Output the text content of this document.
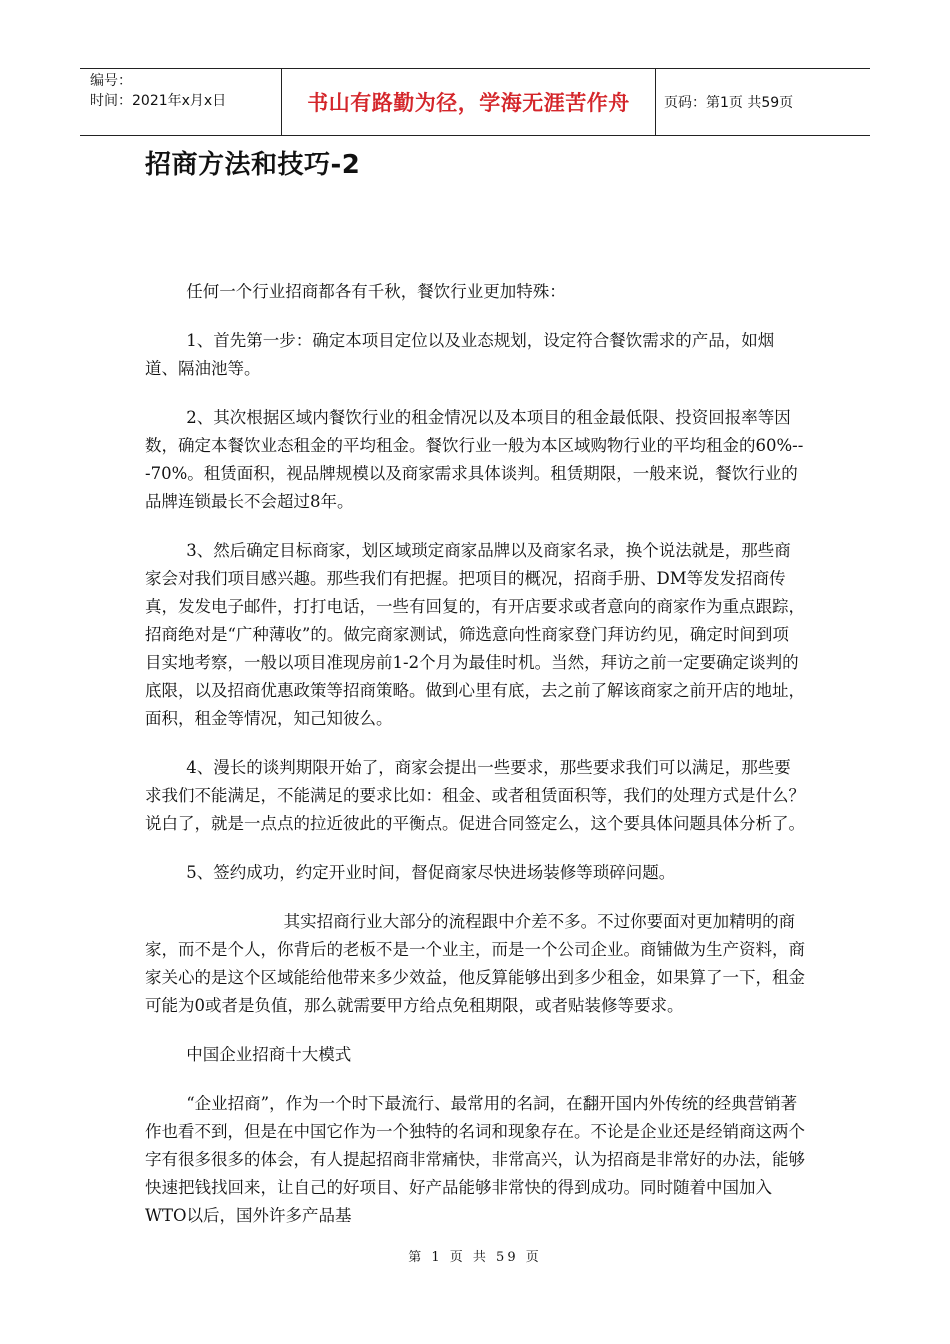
编号：
时间：2021年x月x日	书山有路勤为径，学海无涯苦作舟 页码：第1页 共59页
招商方法和技巧-2

任何一个行业招商都各有千秋，餐饮行业更加特殊：

1、首先第一步：确定本项目定位以及业态规划，设定符合餐饮需求的产品，如烟道、隔油池等。

2、其次根据区域内餐饮行业的租金情况以及本项目的租金最低限、投资回报率等因数，确定本餐饮业态租金的平均租金。餐饮行业一般为本区域购物行业的平均租金的60%---70%。租赁面积，视品牌规模以及商家需求具体谈判。租赁期限，一般来说，餐饮行业的品牌连锁最长不会超过8年。

3、然后确定目标商家，划区域琐定商家品牌以及商家名录，换个说法就是，那些商家会对我们项目感兴趣。那些我们有把握。把项目的概况，招商手册、DM等发发招商传真，发发电子邮件，打打电话，一些有回复的，有开店要求或者意向的商家作为重点跟踪，招商绝对是“广种薄收”的。做完商家测试，筛选意向性商家登门拜访约见，确定时间到项目实地考察，一般以项目准现房前1-2个月为最佳时机。当然，拜访之前一定要确定谈判的底限，以及招商优惠政策等招商策略。做到心里有底，去之前了解该商家之前开店的地址，面积，租金等情况，知己知彼么。

4、漫长的谈判期限开始了，商家会提出一些要求，那些要求我们可以满足，那些要求我们不能满足，不能满足的要求比如：租金、或者租赁面积等，我们的处理方式是什么？说白了，就是一点点的拉近彼此的平衡点。促进合同签定么，这个要具体问题具体分析了。

5、签约成功，约定开业时间，督促商家尽快进场装修等琐碎问题。

其实招商行业大部分的流程跟中介差不多。不过你要面对更加精明的商家，而不是个人，你背后的老板不是一个业主，而是一个公司企业。商铺做为生产资料，商家关心的是这个区域能给他带来多少效益，他反算能够出到多少租金，如果算了一下，租金可能为0或者是负值，那么就需要甲方给点免租期限，或者贴装修等要求。

中国企业招商十大模式

“企业招商”，作为一个时下最流行、最常用的名詞，在翻开国内外传统的经典营销著作也看不到，但是在中国它作为一个独特的名词和现象存在。不论是企业还是经销商这两个字有很多很多的体会，有人提起招商非常痛快，非常高兴，认为招商是非常好的办法，能够快速把钱找回来，让自己的好项目、好产品能够非常快的得到成功。同时随着中国加入WTO以后，国外许多产品基

第 1 页 共 59 页
